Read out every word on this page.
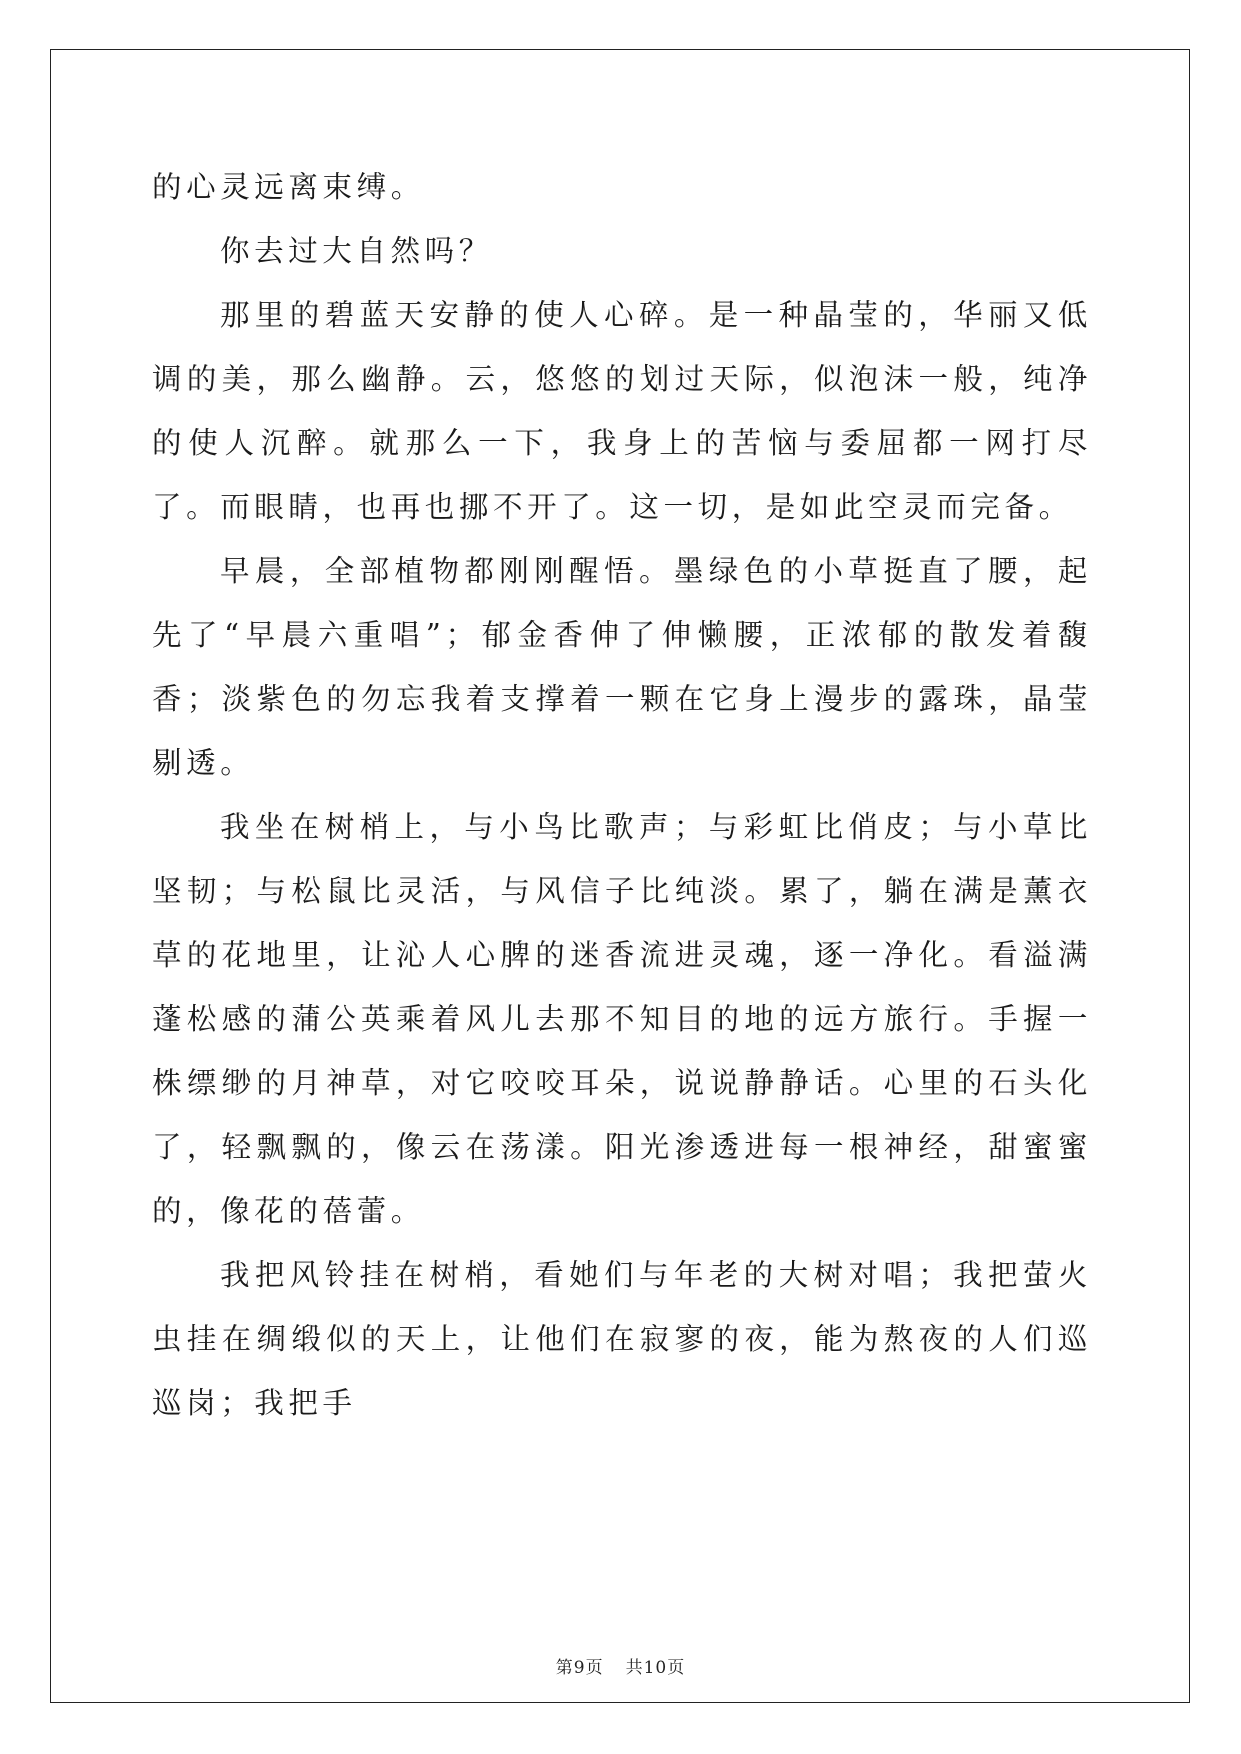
的心灵远离束缚。

你去过大自然吗？

那里的碧蓝天安静的使人心碎。是一种晶莹的，华丽又低调的美，那么幽静。云，悠悠的划过天际，似泡沫一般，纯净的使人沉醉。就那么一下，我身上的苦恼与委屈都一网打尽了。而眼睛，也再也挪不开了。这一切，是如此空灵而完备。

早晨，全部植物都刚刚醒悟。墨绿色的小草挺直了腰，起先了“早晨六重唱”；郁金香伸了伸懒腰，正浓郁的散发着馥香；淡紫色的勿忘我着支撑着一颗在它身上漫步的露珠，晶莹剔透。

我坐在树梢上，与小鸟比歌声；与彩虹比俏皮；与小草比坚韧；与松鼠比灵活，与风信子比纯淡。累了，躺在满是薰衣草的花地里，让沁人心脾的迷香流进灵魂，逐一净化。看溢满蓬松感的蒲公英乘着风儿去那不知目的地的远方旅行。手握一株缥缈的月神草，对它咬咬耳朵，说说静静话。心里的石头化了，轻飘飘的，像云在荡漾。阳光渗透进每一根神经，甜蜜蜜的，像花的蓓蕾。

我把风铃挂在树梢，看她们与年老的大树对唱；我把萤火虫挂在绸缎似的天上，让他们在寂寥的夜，能为熬夜的人们巡巡岗；我把手

第9页 共10页
